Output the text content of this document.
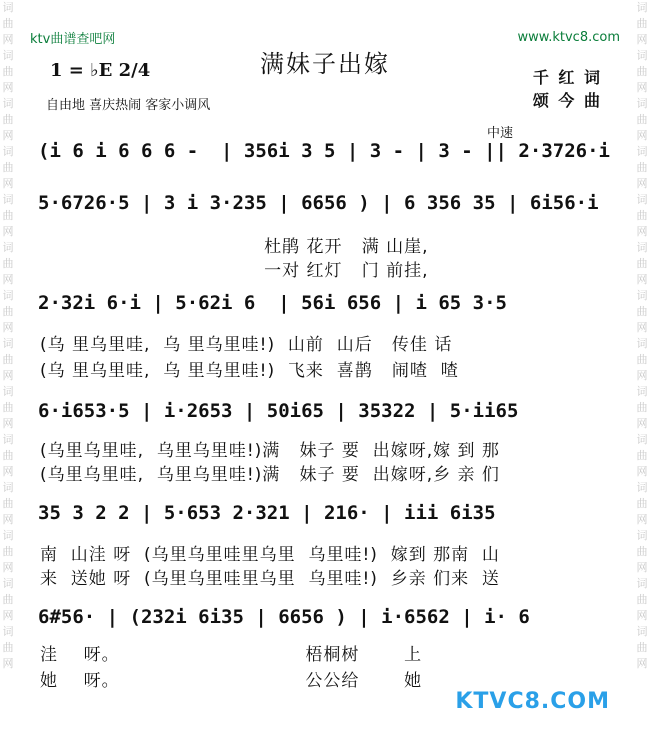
词曲网词曲网词曲网词曲网词曲网词曲网词曲网词曲网词曲网词曲网词曲网词曲网词曲网词曲网
词曲网词曲网词曲网词曲网词曲网词曲网词曲网词曲网词曲网词曲网词曲网词曲网词曲网词曲网
ktv曲谱查吧网	www.ktvc8.com
满妹子出嫁
1 = ♭E 2/4	千 红 词
颂 今 曲
自由地 喜庆热闹 客家小调风
中速
(i 6 i 6 6 6 -  | 356i 3 5 | 3 - | 3 - || 2·3726·i
5·6726·5 | 3 i 3·235 | 6656 ) | 6 356 35 | 6i56·i
杜鹃 花开   满 山崖,
一对 红灯   门 前挂,
2·32i 6·i | 5·62i 6  | 56i 656 | i 65 3·5
(乌 里乌里哇,  乌 里乌里哇!)  山前  山后   传佳 话
(乌 里乌里哇,  乌 里乌里哇!)  飞来  喜鹊   闹喳  喳
6·i653·5 | i·2653 | 50i65 | 35322 | 5·ii65
(乌里乌里哇,  乌里乌里哇!)满   妹子 要  出嫁呀,嫁 到 那
(乌里乌里哇,  乌里乌里哇!)满   妹子 要  出嫁呀,乡 亲 们
35 3 2 2 | 5·653 2·321 | 216· | iii 6i35
南  山洼 呀  (乌里乌里哇里乌里  乌里哇!)  嫁到 那南  山
来  送她 呀  (乌里乌里哇里乌里  乌里哇!)  乡亲 们来  送
6#56· | (232i 6i35 | 6656 ) | i·6562 | i· 6
洼    呀。                             梧桐树       上
她    呀。                             公公给       她
KTVC8.COM
